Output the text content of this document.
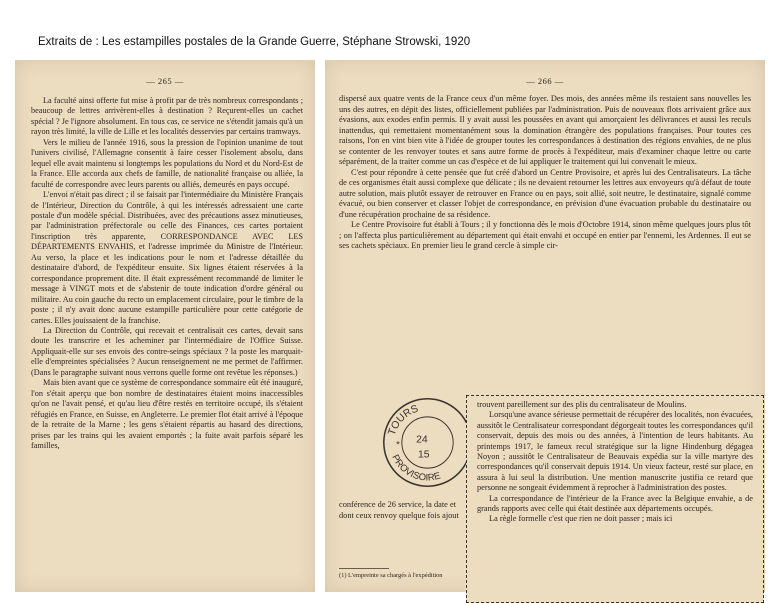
Extraits de : Les estampilles postales de la Grande Guerre, Stéphane Strowski, 1920
— 265 —

La faculté ainsi offerte fut mise à profit par de très nombreux correspondants ; beaucoup de lettres arrivèrent-elles à destination ? Reçurent-elles un cachet spécial ? Je l'ignore absolument. En tous cas, ce service ne s'étendit jamais qu'à un rayon très limité, la ville de Lille et les localités desservies par certains tramways.

Vers le milieu de l'année 1916, sous la pression de l'opinion unanime de tout l'univers civilisé, l'Allemagne consentit à faire cesser l'isolement absolu, dans lequel elle avait maintenu si longtemps les populations du Nord et du Nord-Est de la France. Elle accorda aux chefs de famille, de nationalité française ou alliée, la faculté de correspondre avec leurs parents ou alliés, demeurés en pays occupé.

L'envoi n'était pas direct ; il se faisait par l'intermédiaire du Ministère Français de l'Intérieur, Direction du Contrôle, à qui les intéressés adressaient une carte postale d'un modèle spécial. Distribuées, avec des précautions assez minutieuses, par l'administration préfectorale ou celle des Finances, ces cartes portaient l'inscription très apparente, CORRESPONDANCE AVEC LES DÉPARTEMENTS ENVAHIS, et l'adresse imprimée du Ministre de l'Intérieur. Au verso, la place et les indications pour le nom et l'adresse détaillée du destinataire d'abord, de l'expéditeur ensuite. Six lignes étaient réservées à la correspondance proprement dite. Il était expressément recommandé de limiter le message à VINGT mots et de s'abstenir de toute indication d'ordre général ou militaire. Au coin gauche du recto un emplacement circulaire, pour le timbre de la poste ; il n'y avait donc aucune estampille particulière pour cette catégorie de cartes. Elles jouissaient de la franchise.

La Direction du Contrôle, qui recevait et centralisait ces cartes, devait sans doute les transcrire et les acheminer par l'intermédiaire de l'Office Suisse. Appliquait-elle sur ses envois des contre-seings spéciaux ? la poste les marquait-elle d'empreintes spécialisées ? Aucun renseignement ne me permet de l'affirmer. (Dans le paragraphe suivant nous verrons quelle forme ont revêtue les réponses.)

Mais bien avant que ce système de correspondance sommaire eût été inauguré, l'on s'était aperçu que bon nombre de destinataires étaient moins inaccessibles qu'on ne l'avait pensé, et qu'au lieu d'être restés en territoire occupé, ils s'étaient réfugiés en France, en Suisse, en Angleterre. Le premier flot était arrivé à l'époque de la retraite de la Marne ; les gens s'étaient répartis au hasard des directions, prises par les trains qui les avaient emportés ; la fuite avait parfois séparé les familles,

— 266 —

dispersé aux quatre vents de la France ceux d'un même foyer. Des mois, des années même ils restaient sans nouvelles les uns des autres, en dépit des listes, officiellement publiées par l'administration. Puis de nouveaux flots arrivaient grâce aux évasions, aux exodes enfin permis. Il y avait aussi les poussées en avant qui amorçaient les délivrances et aussi les reculs inattendus, qui remettaient momentanément sous la domination étrangère des populations françaises. Pour toutes ces raisons, l'on en vint bien vite à l'idée de grouper toutes les correspondances à destination des régions envahies, de ne plus se contenter de les renvoyer toutes et sans autre forme de procès à l'expéditeur, mais d'examiner chaque lettre ou carte séparément, de la traiter comme un cas d'espèce et de lui appliquer le traitement qui lui convenait le mieux.

C'est pour répondre à cette pensée que fut créé d'abord un Centre Provisoire, et après lui des Centralisateurs. La tâche de ces organismes était aussi complexe que délicate ; ils ne devaient retourner les lettres aux envoyeurs qu'à défaut de toute autre solution, mais plutôt essayer de retrouver en France ou en pays, soit allié, soit neutre, le destinataire, signalé comme évacué, ou bien conserver et classer l'objet de correspondance, en prévision d'une évacuation probable du destinataire ou d'une récupération prochaine de sa résidence.

Le Centre Provisoire fut établi à Tours ; il y fonctionna dès le mois d'Octobre 1914, sinon même quelques jours plus tôt ; on l'affecta plus particulièrement au département qui était envahi et occupé en entier par l'ennemi, les Ardennes. Il eut se ses cachets spéciaux. En premier lieu le grand cercle à simple cir-

TOURS
PROVISOIRE
24
15
*
conférence de 26 service, la date et dont ceux renvoy quelque fois ajout
(1) L'empreinte sa chargés à l'expédition

trouvent pareillement sur des plis du centralisateur de Moulins.

Lorsqu'une avance sérieuse permettait de récupérer des localités, non évacuées, aussitôt le Centralisateur correspondant dégorgeait toutes les correspondances qu'il conservait, depuis des mois ou des années, à l'intention de leurs habitants. Au printemps 1917, le fameux recul stratégique sur la ligne Hindenburg dégagea Noyon ; aussitôt le Centralisateur de Beauvais expédia sur la ville martyre des correspondances qu'il conservait depuis 1914. Un vieux facteur, resté sur place, en assura à lui seul la distribution. Une mention manuscrite justifia ce retard que personne ne songeait évidemment à reprocher à l'administration des postes.

La correspondance de l'intérieur de la France avec la Belgique envahie, a de grands rapports avec celle qui était destinée aux départements occupés.

La règle formelle c'est que rien ne doit passer ; mais ici
